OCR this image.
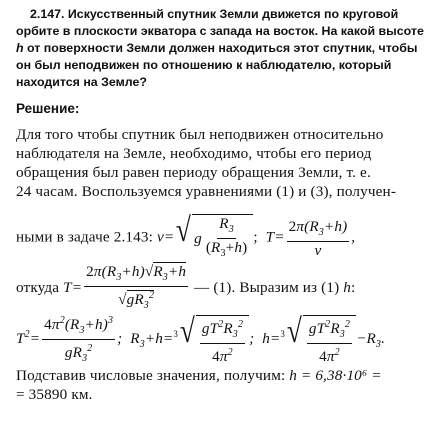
2.147. Искусственный спутник Земли движется по круговой
орбите в плоскости экватора с запада на восток. На какой высоте
h от поверхности Земли должен находиться этот спутник, чтобы
он был неподвижен по отношению к наблюдателю, который
находится на Земле?
Решение:
Для того чтобы спутник был неподвижен относительно
наблюдателя на Земле, необходимо, чтобы его период
обращения был равен периоду обращения Земли, т. е.
24 часам. Воспользуемся уравнениями (1) и (3), получен-
ными в задаче 2.143: v= √ g $\frac{R_3}{(R_3+h)}$ ;  $T= \frac{2\pi(R_3+h)}{v}$ ,
откуда $T= \frac{2\pi(R_3+h)√R_3+h}{√gR_3^2}$ — (1). Выразим из (1) h:
$T^2= \frac{4\pi^2(R_3+h)^3}{gR_3^2}$ ;  $R_3+h=^3$ √ $\frac{gT^2R_3^2}{4\pi^2}$ ;  h=$^3$ √ $\frac{gT^2R_3^2}{4\pi^2} -R_3$.
Подставив числовые значения, получим: h = 6,38·10⁶ =
= 35890 км.
